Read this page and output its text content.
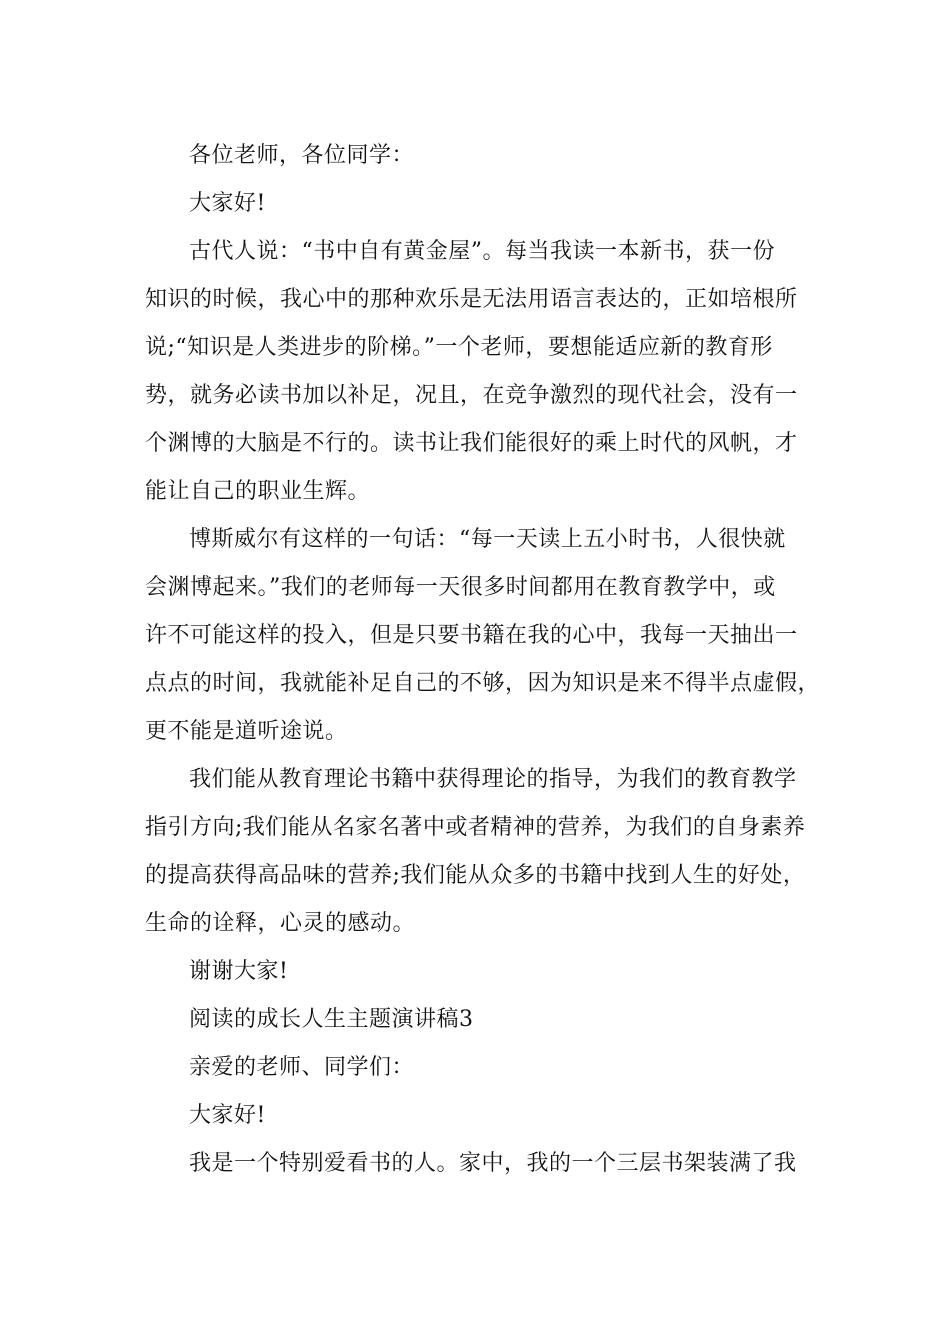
各位老师，各位同学：

大家好!

古代人说：“书中自有黄金屋”。每当我读一本新书，获一份

知识的时候，我心中的那种欢乐是无法用语言表达的，正如培根所

说;“知识是人类进步的阶梯。”一个老师，要想能适应新的教育形

势，就务必读书加以补足，况且，在竞争激烈的现代社会，没有一

个渊博的大脑是不行的。读书让我们能很好的乘上时代的风帆，才

能让自己的职业生辉。

博斯威尔有这样的一句话：“每一天读上五小时书，人很快就

会渊博起来。”我们的老师每一天很多时间都用在教育教学中，或

许不可能这样的投入，但是只要书籍在我的心中，我每一天抽出一

点点的时间，我就能补足自己的不够，因为知识是来不得半点虚假，

更不能是道听途说。

我们能从教育理论书籍中获得理论的指导，为我们的教育教学

指引方向;我们能从名家名著中或者精神的营养，为我们的自身素养

的提高获得高品味的营养;我们能从众多的书籍中找到人生的好处，

生命的诠释，心灵的感动。

谢谢大家!

阅读的成长人生主题演讲稿3

亲爱的老师、同学们：

大家好!

我是一个特别爱看书的人。家中，我的一个三层书架装满了我
